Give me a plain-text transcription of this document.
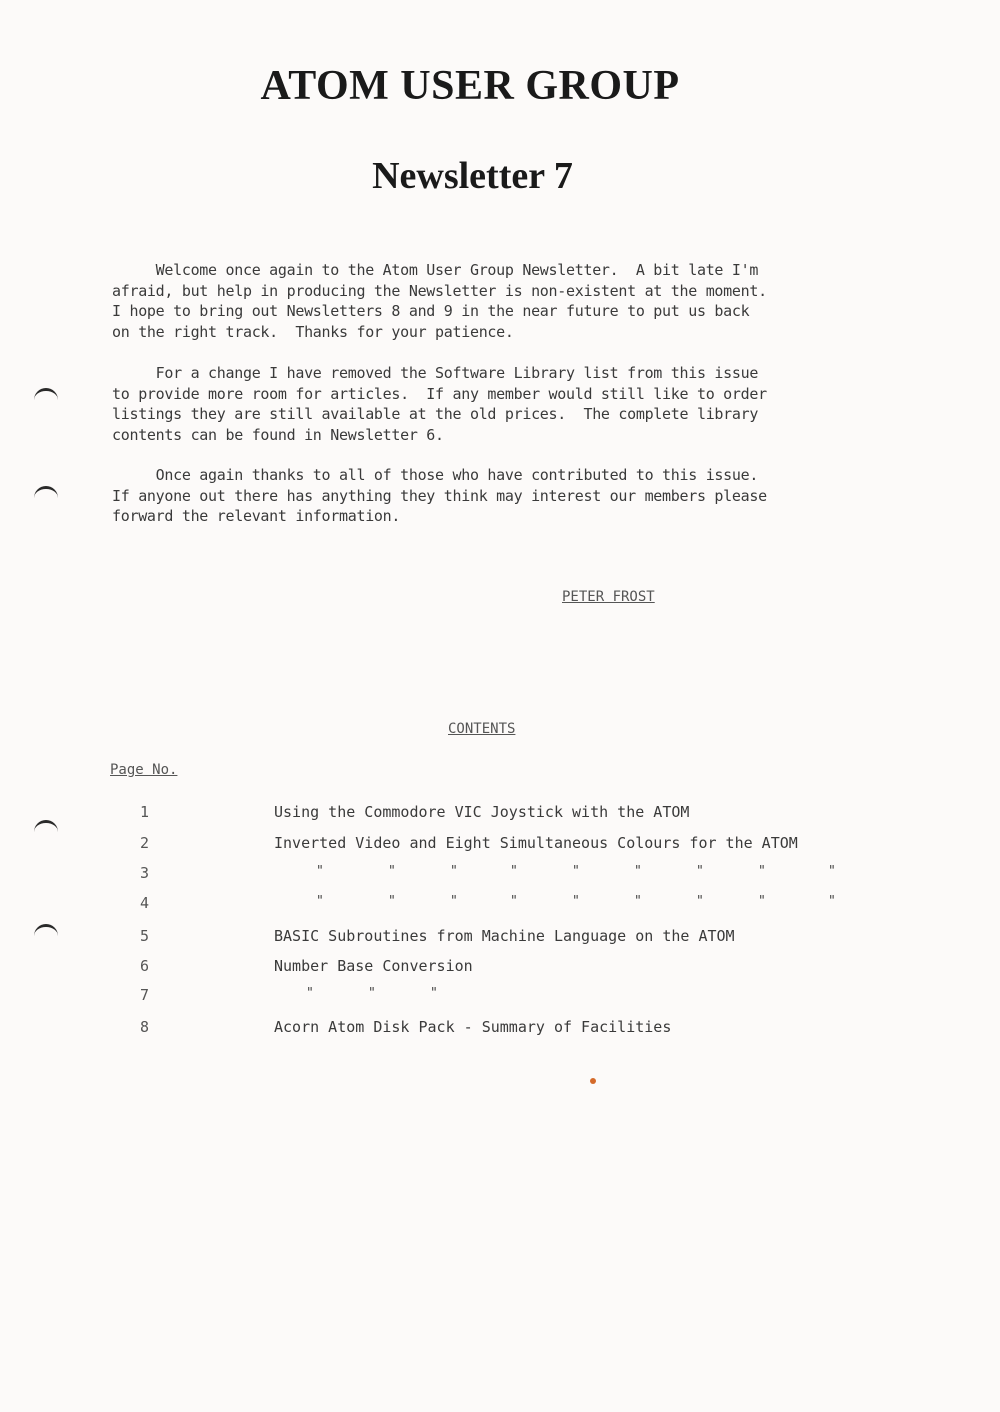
ATOM USER GROUP
Newsletter 7

Welcome once again to the Atom User Group Newsletter.  A bit late I'm
afraid, but help in producing the Newsletter is non-existent at the moment.
I hope to bring out Newsletters 8 and 9 in the near future to put us back
on the right track.  Thanks for your patience.

For a change I have removed the Software Library list from this issue
to provide more room for articles.  If any member would still like to order
listings they are still available at the old prices.  The complete library
contents can be found in Newsletter 6.

Once again thanks to all of those who have contributed to this issue.
If anyone out there has anything they think may interest our members please
forward the relevant information.

PETER FROST
CONTENTS
Page No.
1	Using the Commodore VIC Joystick with the ATOM
2	Inverted Video and Eight Simultaneous Colours for the ATOM
3	"	"	"	"	"	"	"	"	"
4	"	"	"	"	"	"	"	"	"
5	BASIC Subroutines from Machine Language on the ATOM
6	Number Base Conversion
7	"	"	"
8	Acorn Atom Disk Pack - Summary of Facilities
